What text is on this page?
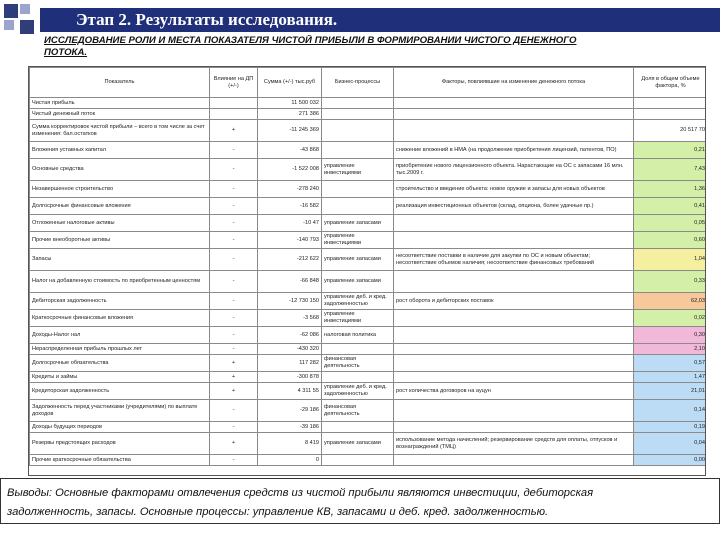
Этап 2. Результаты исследования.
ИССЛЕДОВАНИЕ РОЛИ И МЕСТА ПОКАЗАТЕЛЯ ЧИСТОЙ ПРИБЫЛИ В ФОРМИРОВАНИИ ЧИСТОГО ДЕНЕЖНОГО
ПОТОКА.
Показатель	Влияние на ДП (+/-)	Сумма (+/-) тыс.руб	Бизнес-процессы	Факторы, повлиявшие на изменение денежного потока	Доля в общем объеме фактора, %
Чистая прибыль		11 500 032			
Чистый денежный поток		271 386			
Сумма корректировок чистой прибыли – всего в том числе за счет изменения: бал.остатков	+	-11 245 369			20 517 70
Вложения уставных капитал	-	-43 868		снижение вложений в НМА (на продолжение приобретения лицензий, патентов, ПО)	0,21
Основные средства	-	-1 522 008	управление инвестициями	приобретение нового лицензионного объекта. Нарастающие на ОС с запасами 16 млн. тыс.2009 г.	7,43
Незавершенное строительство	-	-278 240		строительство и введение объекта: новое оружие и запасы для новых объектов	1,36
Долгосрочные финансовые вложения	-	-16 582		реализация инвестиционных объектов (склад, опциона, более удачные пр.)	0,41
Отложенные налоговые активы	-	-10 47	управление запасами		0,05
Прочие внеоборотные активы	-	-140 793	управление инвестициями		0,60
Запасы	-	-212 622	управление запасами	несоответствие поставки в наличие для закупки по ОС и новым объектам; несоответствие объемов наличия; несоответствие финансовых требований	1,04
Налог на добавленную стоимость по приобретенным ценностям	-	-66 848	управление запасами		0,33
Дебиторская задолженность	-	-12 730 150	управление деб. и кред. задолженностью	рост оборота и дебиторских поставок	62,03
Краткосрочные финансовые вложения	-	-3 568	управление инвестициями		0,02
Доходы-Налог нал	-	-62 086	налоговая политика		0,30
Нераспределенная прибыль прошлых лет	-	-430 320			2,10
Долгосрочные обязательства	+	117 282	финансовая деятельность		0,57
Кредиты и займы	+	-300 878			1,47
Кредиторская задолженность	+	4 311 55	управление деб. и кред. задолженностью	рост количества договоров на ауцун	21,01
Задолженность перед участниками (учредителями) по выплате доходов	-	-29 186	финансовая деятельность		0,14
Доходы будущих периодов	-	-39 186			0,19
Резервы предстоящих расходов	+	8 419	управление запасами	использование метода начислений; резервирование средств для оплаты, отпусков и вознаграждений (ТМЦ)	0,04
Прочие краткосрочные обязательства	-	0			0,00
Выводы: Основные факторами отвлечения средств из чистой прибыли являются инвестиции, дебиторская
задолженность, запасы. Основные процессы: управление КВ, запасами и деб. кред. задолженностью.
